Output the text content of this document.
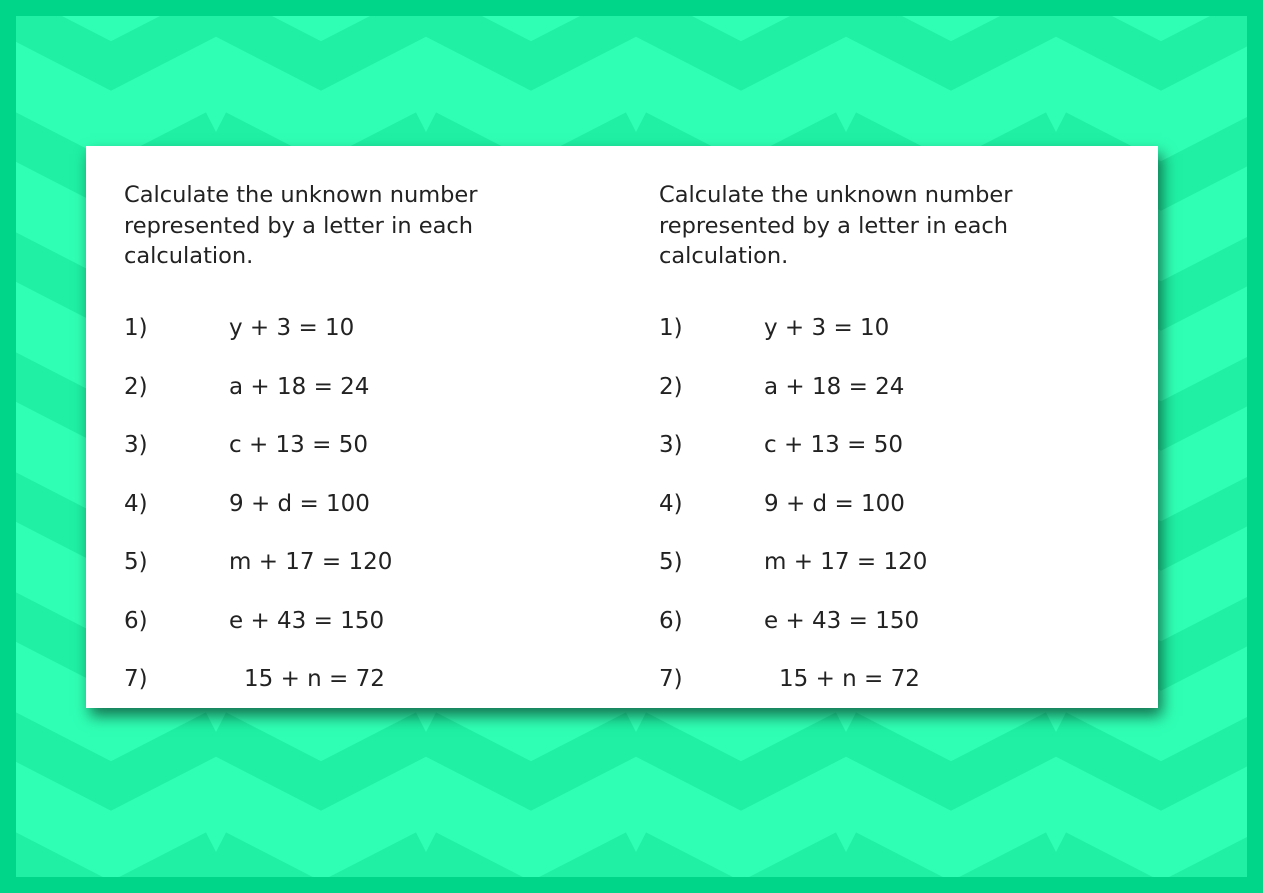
Calculate the unknown number
represented by a letter in each
calculation.

1)	y + 3 = 10
2)	a + 18 = 24
3)	c + 13 = 50
4)	9 + d = 100
5)	m + 17 = 120
6)	e + 43 = 150
7)	15 + n = 72

Calculate the unknown number
represented by a letter in each
calculation.

1)	y + 3 = 10
2)	a + 18 = 24
3)	c + 13 = 50
4)	9 + d = 100
5)	m + 17 = 120
6)	e + 43 = 150
7)	15 + n = 72
